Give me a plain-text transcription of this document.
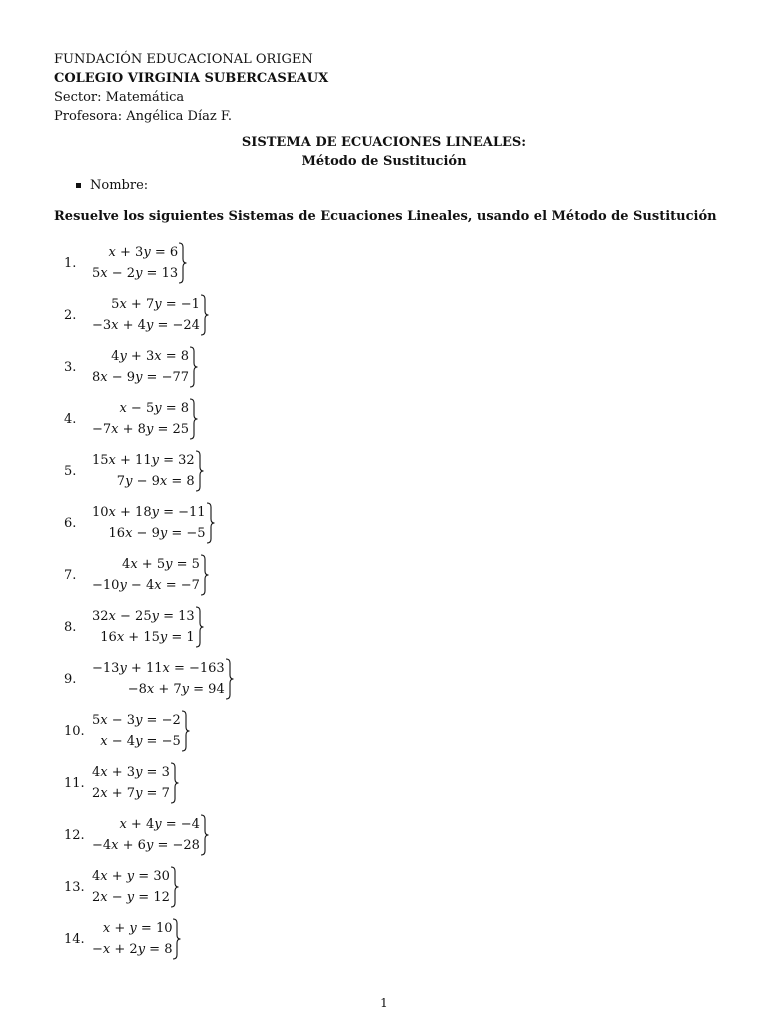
FUNDACIÓN EDUCACIONAL ORIGEN
COLEGIO VIRGINIA SUBERCASEAUX
Sector: Matemática
Profesora: Angélica Díaz F.
SISTEMA DE ECUACIONES LINEALES:
Método de Sustitución
Nombre:
Resuelve los siguientes Sistemas de Ecuaciones Lineales, usando el Método de Sustitución
1.
x + 3y = 6
5x − 2y = 13
2.
5x + 7y = −1
−3x + 4y = −24
3.
4y + 3x = 8
8x − 9y = −77
4.
x − 5y = 8
−7x + 8y = 25
5.
15x + 11y = 32
7y − 9x = 8
6.
10x + 18y = −11
16x − 9y = −5
7.
4x + 5y = 5
−10y − 4x = −7
8.
32x − 25y = 13
16x + 15y = 1
9.
−13y + 11x = −163
−8x + 7y = 94
10.
5x − 3y = −2
x − 4y = −5
11.
4x + 3y = 3
2x + 7y = 7
12.
x + 4y = −4
−4x + 6y = −28
13.
4x + y = 30
2x − y = 12
14.
x + y = 10
−x + 2y = 8
1
